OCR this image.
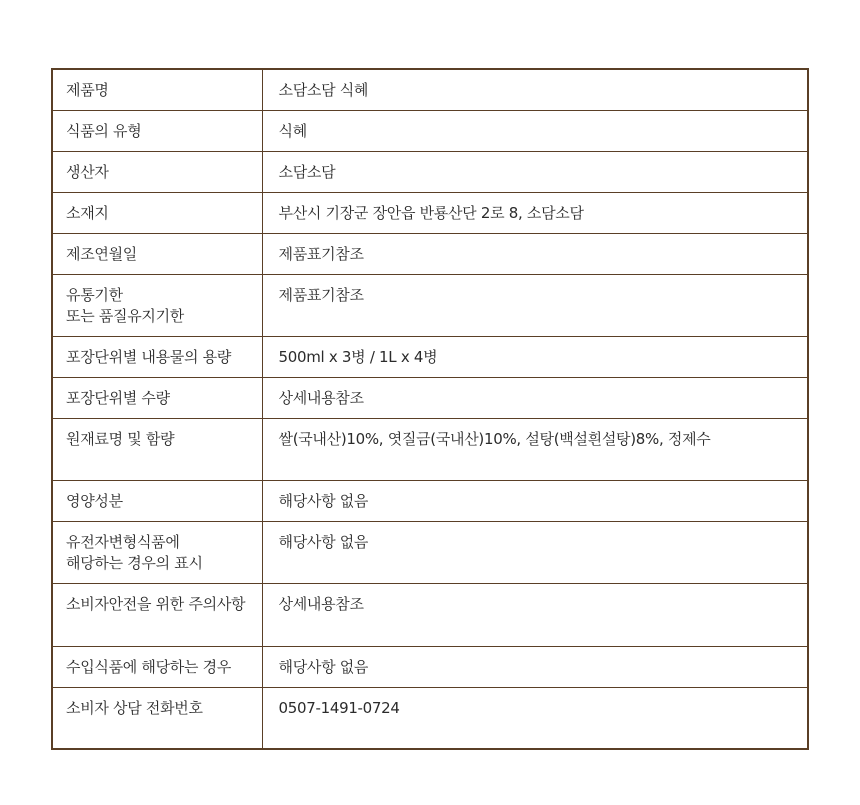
제품명	소담소담 식혜
식품의 유형	식혜
생산자	소담소담
소재지	부산시 기장군 장안읍 반룡산단 2로 8, 소담소담
제조연월일	제품표기참조
유통기한
또는 품질유지기한	제품표기참조
포장단위별 내용물의 용량	500ml x 3병 / 1L x 4병
포장단위별 수량	상세내용참조
원재료명 및 함량	쌀(국내산)10%, 엿질금(국내산)10%, 설탕(백설흰설탕)8%, 정제수
영양성분	해당사항 없음
유전자변형식품에
해당하는 경우의 표시	해당사항 없음
소비자안전을 위한 주의사항	상세내용참조
수입식품에 해당하는 경우	해당사항 없음
소비자 상담 전화번호	0507-1491-0724
